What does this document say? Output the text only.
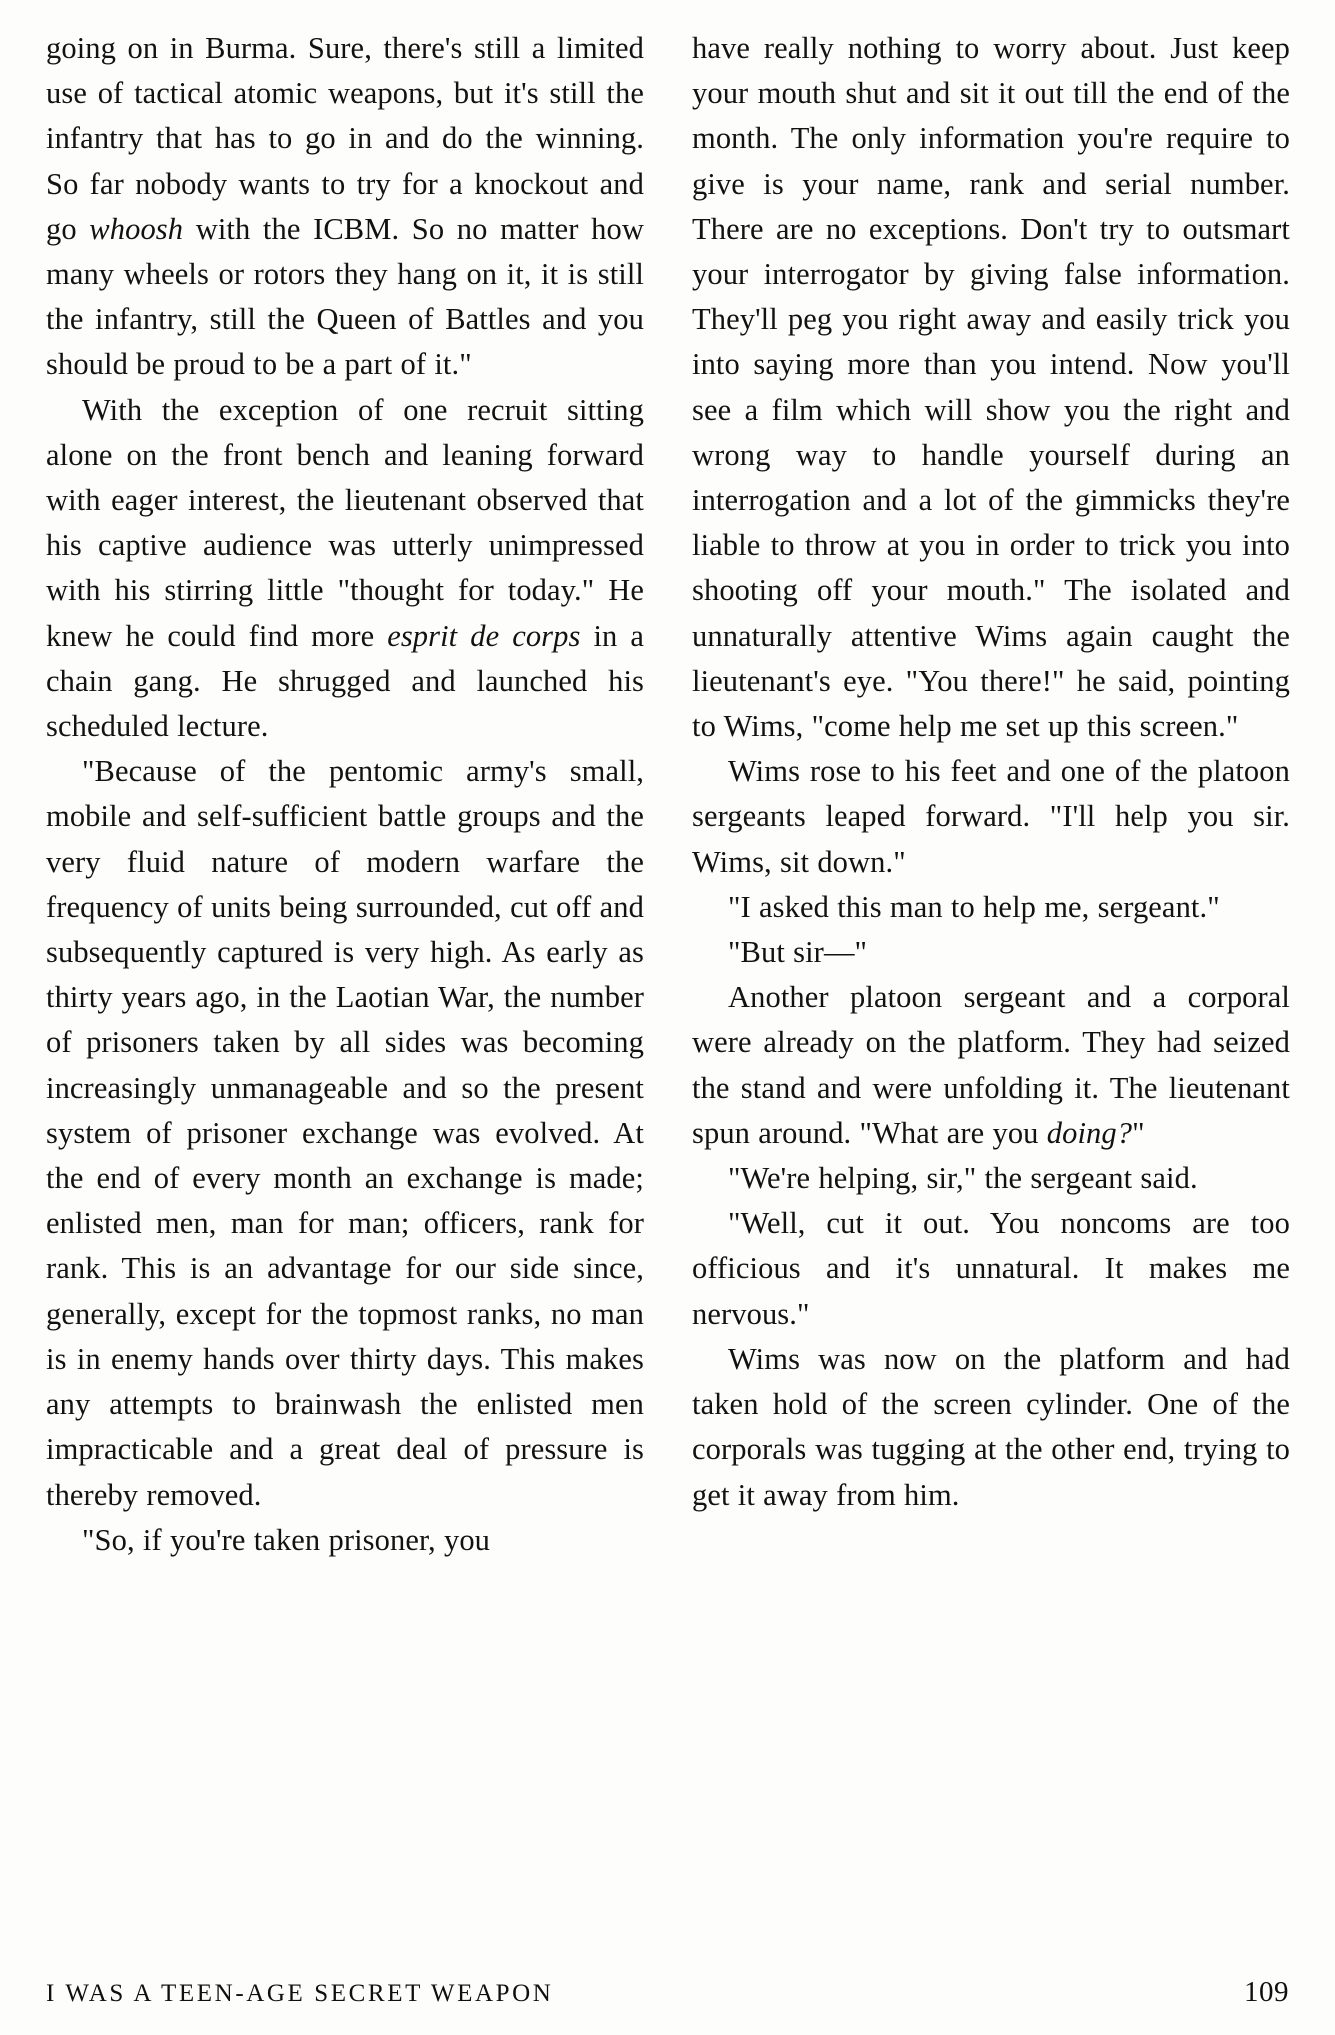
going on in Burma. Sure, there's still a limited use of tactical atomic weapons, but it's still the infantry that has to go in and do the winning. So far nobody wants to try for a knockout and go whoosh with the ICBM. So no matter how many wheels or rotors they hang on it, it is still the infantry, still the Queen of Battles and you should be proud to be a part of it."

With the exception of one recruit sitting alone on the front bench and leaning forward with eager interest, the lieutenant observed that his captive audience was utterly unimpressed with his stirring little "thought for today." He knew he could find more esprit de corps in a chain gang. He shrugged and launched his scheduled lecture.

"Because of the pentomic army's small, mobile and self-sufficient battle groups and the very fluid nature of modern warfare the frequency of units being surrounded, cut off and subsequently captured is very high. As early as thirty years ago, in the Laotian War, the number of prisoners taken by all sides was becoming increasingly unmanageable and so the present system of prisoner exchange was evolved. At the end of every month an exchange is made; enlisted men, man for man; officers, rank for rank. This is an advantage for our side since, generally, except for the topmost ranks, no man is in enemy hands over thirty days. This makes any attempts to brainwash the enlisted men impracticable and a great deal of pressure is thereby removed.

"So, if you're taken prisoner, you

have really nothing to worry about. Just keep your mouth shut and sit it out till the end of the month. The only information you're require to give is your name, rank and serial number. There are no exceptions. Don't try to outsmart your interrogator by giving false information. They'll peg you right away and easily trick you into saying more than you intend. Now you'll see a film which will show you the right and wrong way to handle yourself during an interrogation and a lot of the gimmicks they're liable to throw at you in order to trick you into shooting off your mouth." The isolated and unnaturally attentive Wims again caught the lieutenant's eye. "You there!" he said, pointing to Wims, "come help me set up this screen."

Wims rose to his feet and one of the platoon sergeants leaped forward. "I'll help you sir. Wims, sit down."

"I asked this man to help me, sergeant."

"But sir—"

Another platoon sergeant and a corporal were already on the platform. They had seized the stand and were unfolding it. The lieutenant spun around. "What are you doing?"

"We're helping, sir," the sergeant said.

"Well, cut it out. You noncoms are too officious and it's unnatural. It makes me nervous."

Wims was now on the platform and had taken hold of the screen cylinder. One of the corporals was tugging at the other end, trying to get it away from him.

I WAS A TEEN-AGE SECRET WEAPON	109
